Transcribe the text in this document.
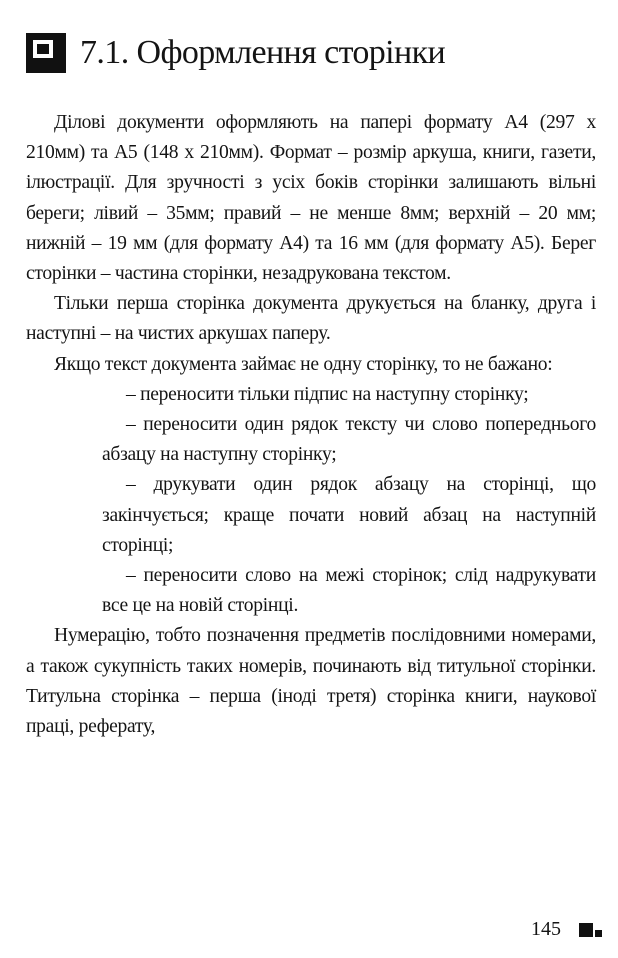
7.1. Оформлення сторінки

Ділові документи оформляють на папері формату А4 (297 х 210мм) та А5 (148 х 210мм). Формат – розмір аркуша, книги, газети, ілюстрації. Для зручності з усіх боків сторінки залишають вільні береги; лівий – 35мм; правий – не менше 8мм; верхній – 20 мм; нижній – 19 мм (для формату А4) та 16 мм (для формату А5). Берег сторінки – частина сторінки, незадрукована текстом.

Тільки перша сторінка документа друкується на бланку, друга і наступні – на чистих аркушах паперу.

Якщо текст документа займає не одну сторінку, то не бажано:

– переносити тільки підпис на наступну сторінку;

– переносити один рядок тексту чи слово попереднього абзацу на наступну сторінку;

– друкувати один рядок абзацу на сторінці, що закінчується; краще почати новий абзац на наступній сторінці;

– переносити слово на межі сторінок; слід надрукувати все це на новій сторінці.

Нумерацію, тобто позначення предметів послідовними номерами, а також сукупність таких номерів, починають від титульної сторінки. Титульна сторінка – перша (іноді третя) сторінка книги, наукової праці, реферату,

145
